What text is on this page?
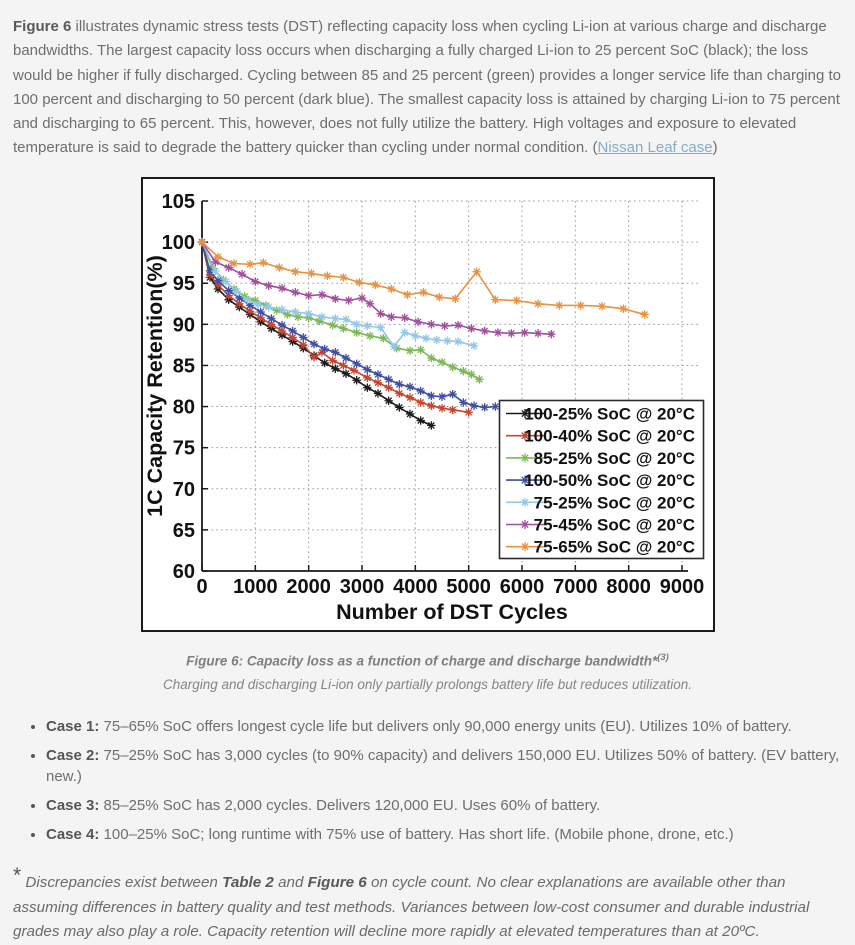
Figure 6 illustrates dynamic stress tests (DST) reflecting capacity loss when cycling Li-ion at various charge and discharge bandwidths. The largest capacity loss occurs when discharging a fully charged Li-ion to 25 percent SoC (black); the loss would be higher if fully discharged. Cycling between 85 and 25 percent (green) provides a longer service life than charging to 100 percent and discharging to 50 percent (dark blue). The smallest capacity loss is attained by charging Li-ion to 75 percent and discharging to 65 percent. This, however, does not fully utilize the battery. High voltages and exposure to elevated temperature is said to degrade the battery quicker than cycling under normal condition. (Nissan Leaf case)

0 1000 2000 3000 4000 5000 6000 7000 8000 9000
60
65
70
75
80
85
90
95
100
105
Number of DST Cycles
1C Capacity Retention(%)	100-25% SoC @ 20°C
100-40% SoC @ 20°C
85-25% SoC @ 20°C
100-50% SoC @ 20°C
75-25% SoC @ 20°C
75-45% SoC @ 20°C
75-65% SoC @ 20°C
Figure 6: Capacity loss as a function of charge and discharge bandwidth*$^{(3)}$
Charging and discharging Li-ion only partially prolongs battery life but reduces utilization.
• Case 1: 75–65% SoC offers longest cycle life but delivers only 90,000 energy units (EU). Utilizes 10% of battery.
• Case 2: 75–25% SoC has 3,000 cycles (to 90% capacity) and delivers 150,000 EU. Utilizes 50% of battery. (EV battery, new.)
• Case 3: 85–25% SoC has 2,000 cycles. Delivers 120,000 EU. Uses 60% of battery.
• Case 4: 100–25% SoC; long runtime with 75% use of battery. Has short life. (Mobile phone, drone, etc.)

* Discrepancies exist between Table 2 and Figure 6 on cycle count. No clear explanations are available other than assuming differences in battery quality and test methods. Variances between low-cost consumer and durable industrial grades may also play a role. Capacity retention will decline more rapidly at elevated temperatures than at 20ºC.
